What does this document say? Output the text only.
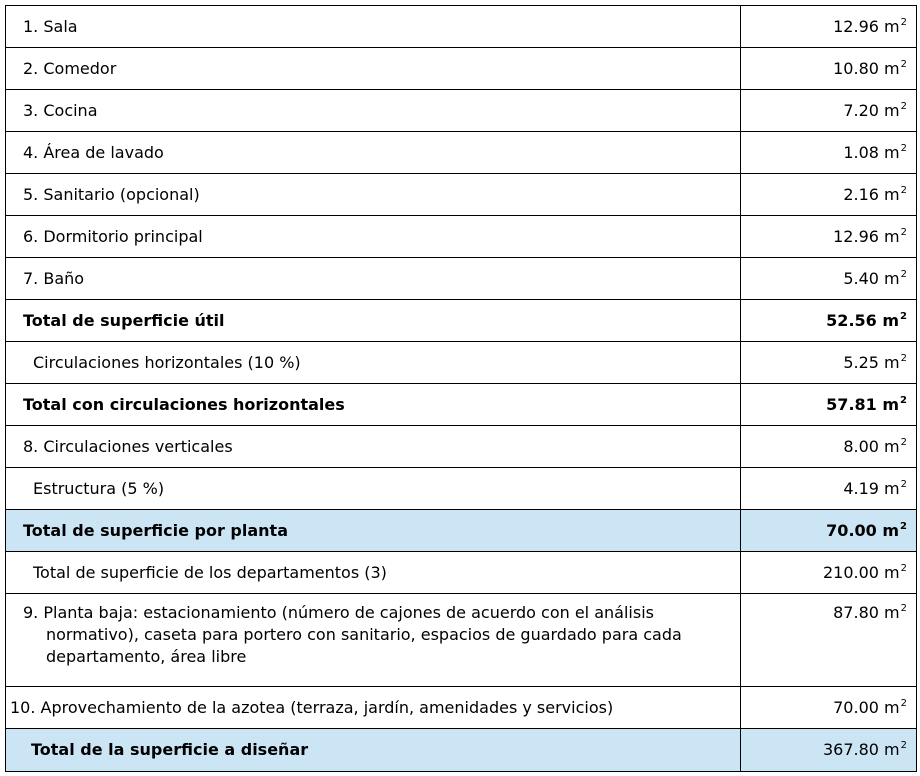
1. Sala	12.96 $m^2$
2. Comedor	10.80 $m^2$
3. Cocina	7.20 $m^2$
4. Área de lavado	1.08 $m^2$
5. Sanitario (opcional)	2.16 $m^2$
6. Dormitorio principal	12.96 $m^2$
7. Baño	5.40 $m^2$
Total de superficie útil	52.56 $m^2$
Circulaciones horizontales (10 %)	5.25 $m^2$
Total con circulaciones horizontales	57.81 $m^2$
8. Circulaciones verticales	8.00 $m^2$
Estructura (5 %)	4.19 $m^2$
Total de superficie por planta	70.00 $m^2$
Total de superficie de los departamentos (3)	210.00 $m^2$

9. Planta baja: estacionamiento (número de cajones de acuerdo con el análisis
normativo), caseta para portero con sanitario, espacios de guardado para cada
departamento, área libre	87.80 $m^2$
10. Aprovechamiento de la azotea (terraza, jardín, amenidades y servicios)	70.00 $m^2$
Total de la superficie a diseñar	367.80 $m^2$
